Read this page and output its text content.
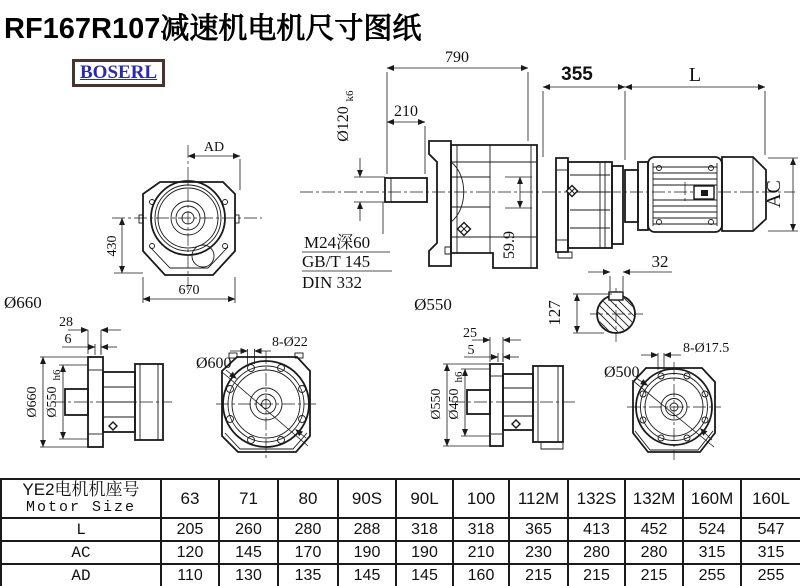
RF167R107减速机电机尺寸图纸
BOSERL
AD
430
670
790
210
Ø120
k6
M24深60
GB/T 145
DIN 332
59.9
355	L
AC
Ø550
32
127
Ø660 Ø550
h6
28
6
Ø660
Ø600
8-Ø22
Ø550 Ø450
h6
25
5
Ø500
8-Ø17.5
YE2电机机座号
Motor Size	63	71	80	90S	90L	100	112M	132S	132M	160M	160L
L	205	260	280	288	318	318	365	413	452	524	547
AC	120	145	170	190	190	210	230	280	280	315	315
AD	110	130	135	145	145	160	215	215	215	255	255
